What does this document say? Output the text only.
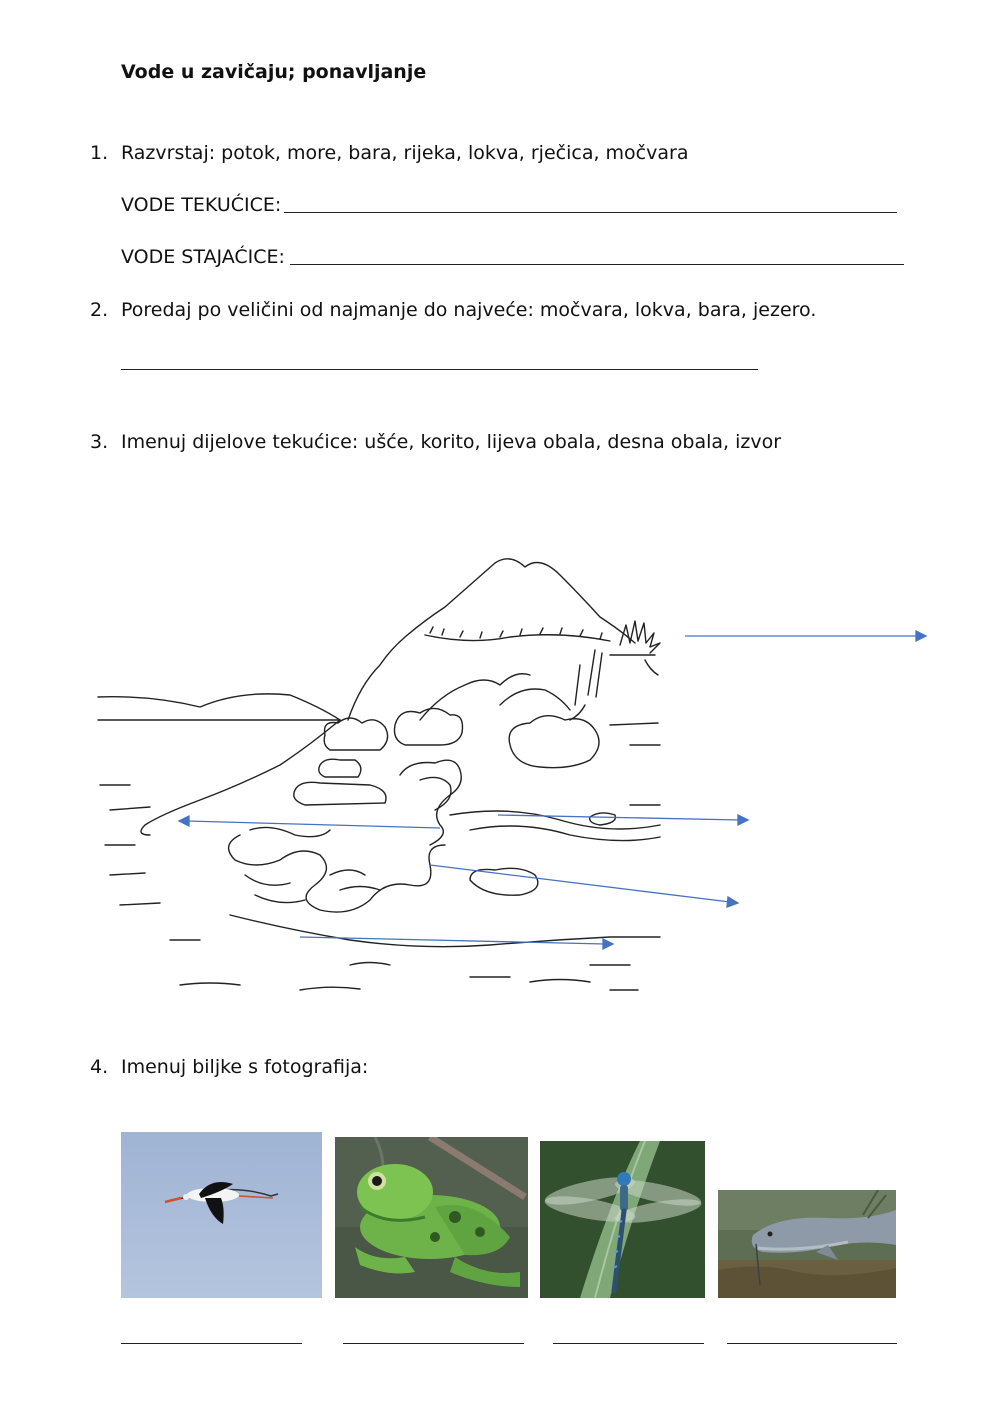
Vode u zavičaju; ponavljanje
1. Razvrstaj: potok, more, bara, rijeka, lokva, rječica, močvara
VODE TEKUĆICE:
VODE STAJAĆICE:
2. Poredaj po veličini od najmanje do najveće: močvara, lokva, bara, jezero.
3. Imenuj dijelove tekućice: ušće, korito, lijeva obala, desna obala, izvor
4. Imenuj biljke s fotografija:
